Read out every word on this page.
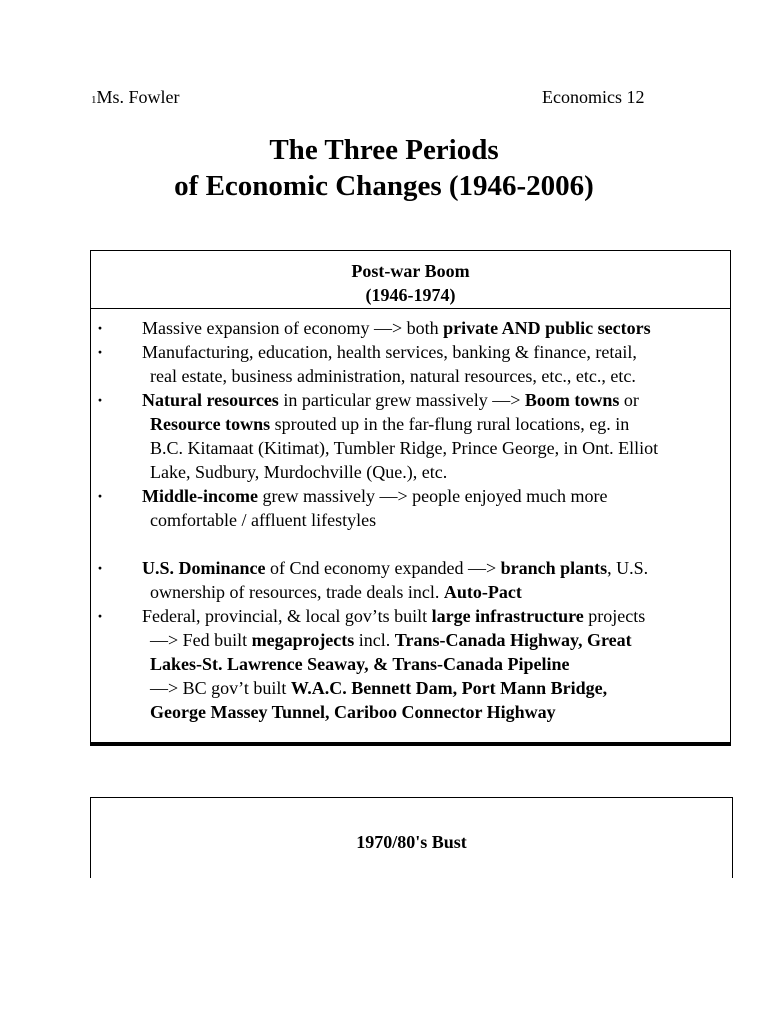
1Ms. Fowler	Economics 12
The Three Periods
of Economic Changes (1946-2006)
Post-war Boom
(1946-1974)
· Massive expansion of economy —> both private AND public sectors
· Manufacturing, education, health services, banking & finance, retail,
real estate, business administration, natural resources, etc., etc., etc.
· Natural resources in particular grew massively —> Boom towns or
Resource towns sprouted up in the far-flung rural locations, eg. in
B.C. Kitamaat (Kitimat), Tumbler Ridge, Prince George, in Ont. Elliot
Lake, Sudbury, Murdochville (Que.), etc.
· Middle-income grew massively —> people enjoyed much more
comfortable / affluent lifestyles
· U.S. Dominance of Cnd economy expanded —> branch plants, U.S.
ownership of resources, trade deals incl. Auto-Pact
· Federal, provincial, & local gov’ts built large infrastructure projects
—> Fed built megaprojects incl. Trans-Canada Highway, Great
Lakes-St. Lawrence Seaway, & Trans-Canada Pipeline
—> BC gov’t built W.A.C. Bennett Dam, Port Mann Bridge,
George Massey Tunnel, Cariboo Connector Highway
1970/80's Bust
